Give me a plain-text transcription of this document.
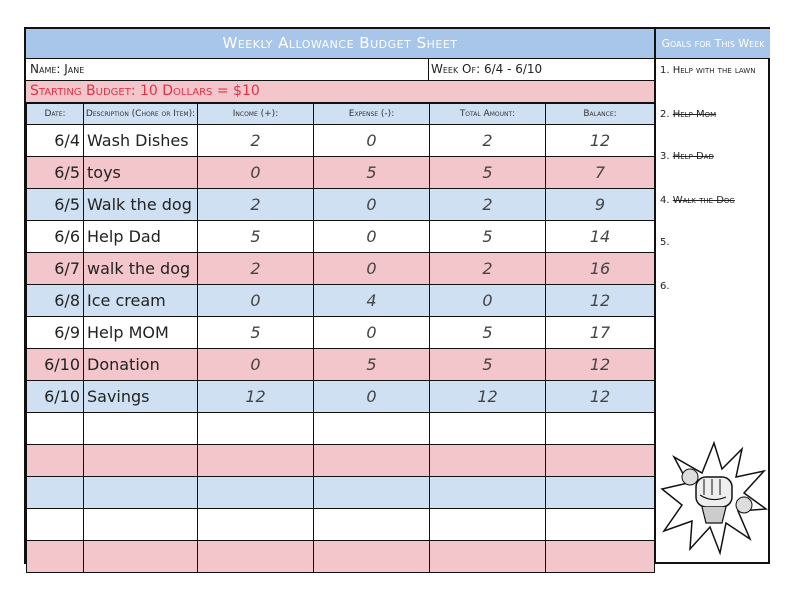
Weekly Allowance Budget Sheet
Name: Jane	Week Of: 6/4 - 6/10
Starting Budget: 10 Dollars = $10
Date:	Description (Chore or Item):	Income (+):	Expense (-):	Total Amount:	Balance:
6/4	Wash Dishes	2	0	2	12
6/5	toys	0	5	5	7
6/5	Walk the dog	2	0	2	9
6/6	Help Dad	5	0	5	14
6/7	walk the dog	2	0	2	16
6/8	Ice cream	0	4	0	12
6/9	Help MOM	5	0	5	17
6/10	Donation	0	5	5	12
6/10	Savings	12	0	12	12

Goals for This Week
1. Help with the lawn
2. Help Mom
3. Help Dad
4. Walk the Dog
5.
6.
